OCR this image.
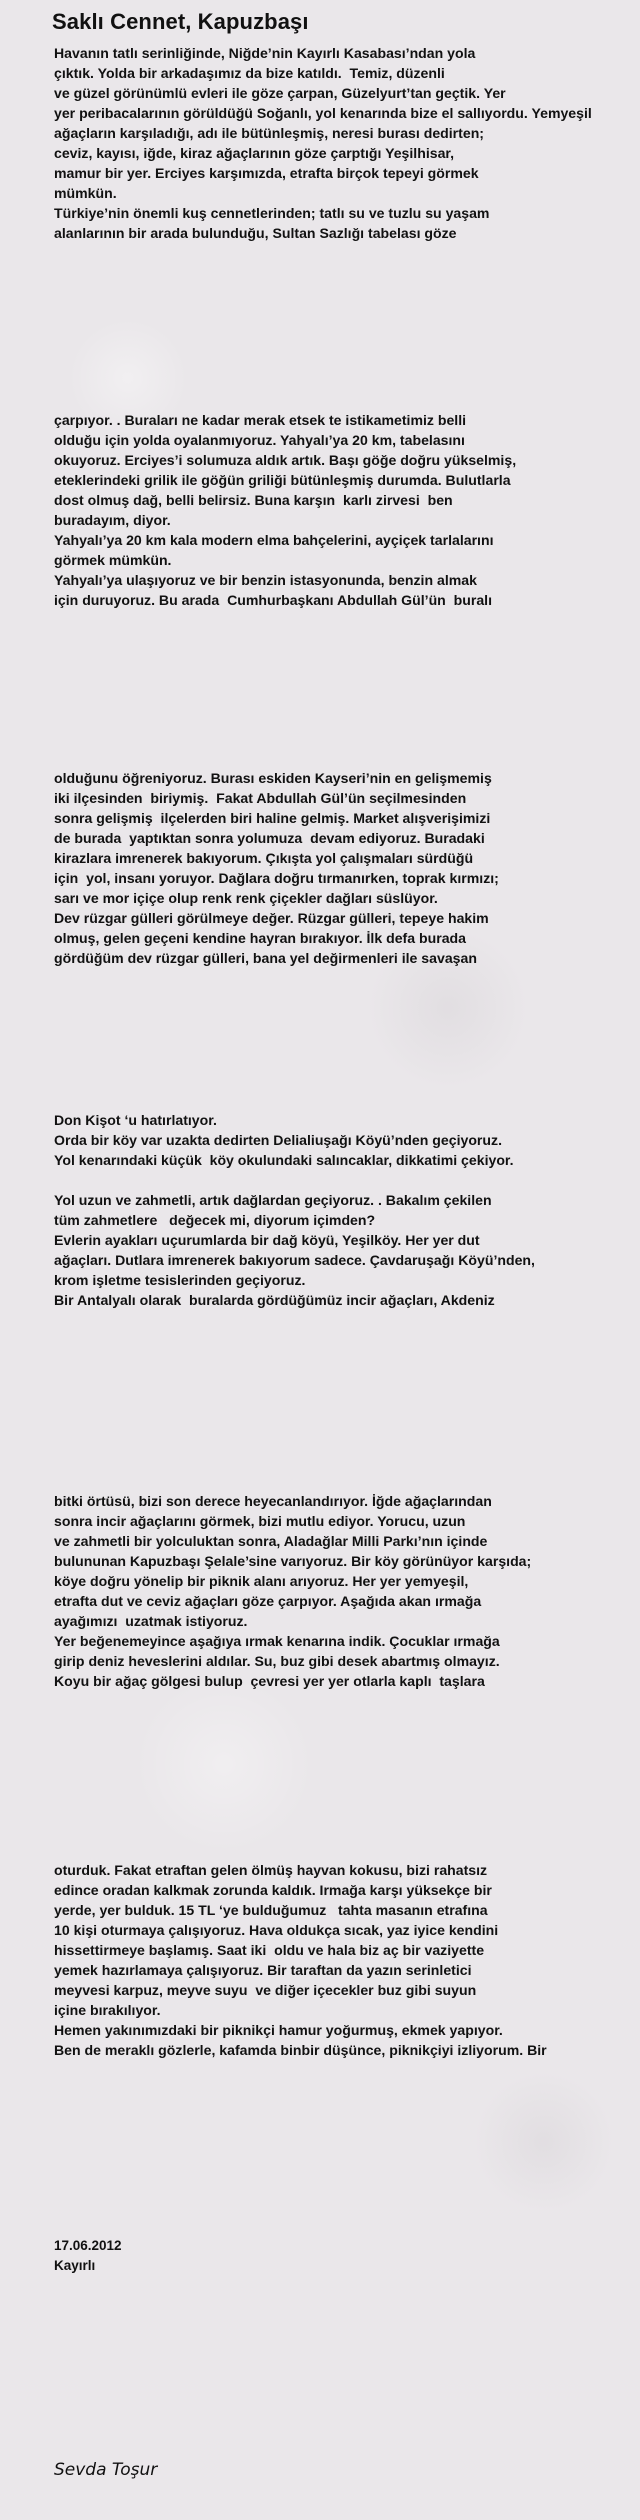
Saklı Cennet, Kapuzbaşı
Havanın tatlı serinliğinde, Niğde’nin Kayırlı Kasabası’ndan yola
çıktık. Yolda bir arkadaşımız da bize katıldı.  Temiz, düzenli
ve güzel görünümlü evleri ile göze çarpan, Güzelyurt’tan geçtik. Yer
yer peribacalarının görüldüğü Soğanlı, yol kenarında bize el sallıyordu. Yemyeşil
ağaçların karşıladığı, adı ile bütünleşmiş, neresi burası dedirten;
ceviz, kayısı, iğde, kiraz ağaçlarının göze çarptığı Yeşilhisar,
mamur bir yer. Erciyes karşımızda, etrafta birçok tepeyi görmek
mümkün.
Türkiye’nin önemli kuş cennetlerinden; tatlı su ve tuzlu su yaşam
alanlarının bir arada bulunduğu, Sultan Sazlığı tabelası göze
çarpıyor. . Buraları ne kadar merak etsek te istikametimiz belli
olduğu için yolda oyalanmıyoruz. Yahyalı’ya 20 km, tabelasını
okuyoruz. Erciyes’i solumuza aldık artık. Başı göğe doğru yükselmiş,
eteklerindeki grilik ile göğün griliği bütünleşmiş durumda. Bulutlarla
dost olmuş dağ, belli belirsiz. Buna karşın  karlı zirvesi  ben
buradayım, diyor.
Yahyalı’ya 20 km kala modern elma bahçelerini, ayçiçek tarlalarını
görmek mümkün.
Yahyalı’ya ulaşıyoruz ve bir benzin istasyonunda, benzin almak
için duruyoruz. Bu arada  Cumhurbaşkanı Abdullah Gül’ün  buralı
olduğunu öğreniyoruz. Burası eskiden Kayseri’nin en gelişmemiş
iki ilçesinden  biriymiş.  Fakat Abdullah Gül’ün seçilmesinden
sonra gelişmiş  ilçelerden biri haline gelmiş. Market alışverişimizi
de burada  yaptıktan sonra yolumuza  devam ediyoruz. Buradaki
kirazlara imrenerek bakıyorum. Çıkışta yol çalışmaları sürdüğü
için  yol, insanı yoruyor. Dağlara doğru tırmanırken, toprak kırmızı;
sarı ve mor içiçe olup renk renk çiçekler dağları süslüyor.
Dev rüzgar gülleri görülmeye değer. Rüzgar gülleri, tepeye hakim
olmuş, gelen geçeni kendine hayran bırakıyor. İlk defa burada
gördüğüm dev rüzgar gülleri, bana yel değirmenleri ile savaşan
Don Kişot ‘u hatırlatıyor.
Orda bir köy var uzakta dedirten Delialiuşağı Köyü’nden geçiyoruz.
Yol kenarındaki küçük  köy okulundaki salıncaklar, dikkatimi çekiyor.
Yol uzun ve zahmetli, artık dağlardan geçiyoruz. . Bakalım çekilen
tüm zahmetlere   değecek mi, diyorum içimden?
Evlerin ayakları uçurumlarda bir dağ köyü, Yeşilköy. Her yer dut
ağaçları. Dutlara imrenerek bakıyorum sadece. Çavdaruşağı Köyü’nden,
krom işletme tesislerinden geçiyoruz.
Bir Antalyalı olarak  buralarda gördüğümüz incir ağaçları, Akdeniz
bitki örtüsü, bizi son derece heyecanlandırıyor. İğde ağaçlarından
sonra incir ağaçlarını görmek, bizi mutlu ediyor. Yorucu, uzun
ve zahmetli bir yolculuktan sonra, Aladağlar Milli Parkı’nın içinde
bulununan Kapuzbaşı Şelale’sine varıyoruz. Bir köy görünüyor karşıda;
köye doğru yönelip bir piknik alanı arıyoruz. Her yer yemyeşil,
etrafta dut ve ceviz ağaçları göze çarpıyor. Aşağıda akan ırmağa
ayağımızı  uzatmak istiyoruz.
Yer beğenemeyince aşağıya ırmak kenarına indik. Çocuklar ırmağa
girip deniz heveslerini aldılar. Su, buz gibi desek abartmış olmayız.
Koyu bir ağaç gölgesi bulup  çevresi yer yer otlarla kaplı  taşlara
oturduk. Fakat etraftan gelen ölmüş hayvan kokusu, bizi rahatsız
edince oradan kalkmak zorunda kaldık. Irmağa karşı yüksekçe bir
yerde, yer bulduk. 15 TL ‘ye bulduğumuz   tahta masanın etrafına
10 kişi oturmaya çalışıyoruz. Hava oldukça sıcak, yaz iyice kendini
hissettirmeye başlamış. Saat iki  oldu ve hala biz aç bir vaziyette
yemek hazırlamaya çalışıyoruz. Bir taraftan da yazın serinletici
meyvesi karpuz, meyve suyu  ve diğer içecekler buz gibi suyun
içine bırakılıyor.
Hemen yakınımızdaki bir piknikçi hamur yoğurmuş, ekmek yapıyor.
Ben de meraklı gözlerle, kafamda binbir düşünce, piknikçiyi izliyorum. Bir
17.06.2012
Kayırlı
Sevda Toşur
